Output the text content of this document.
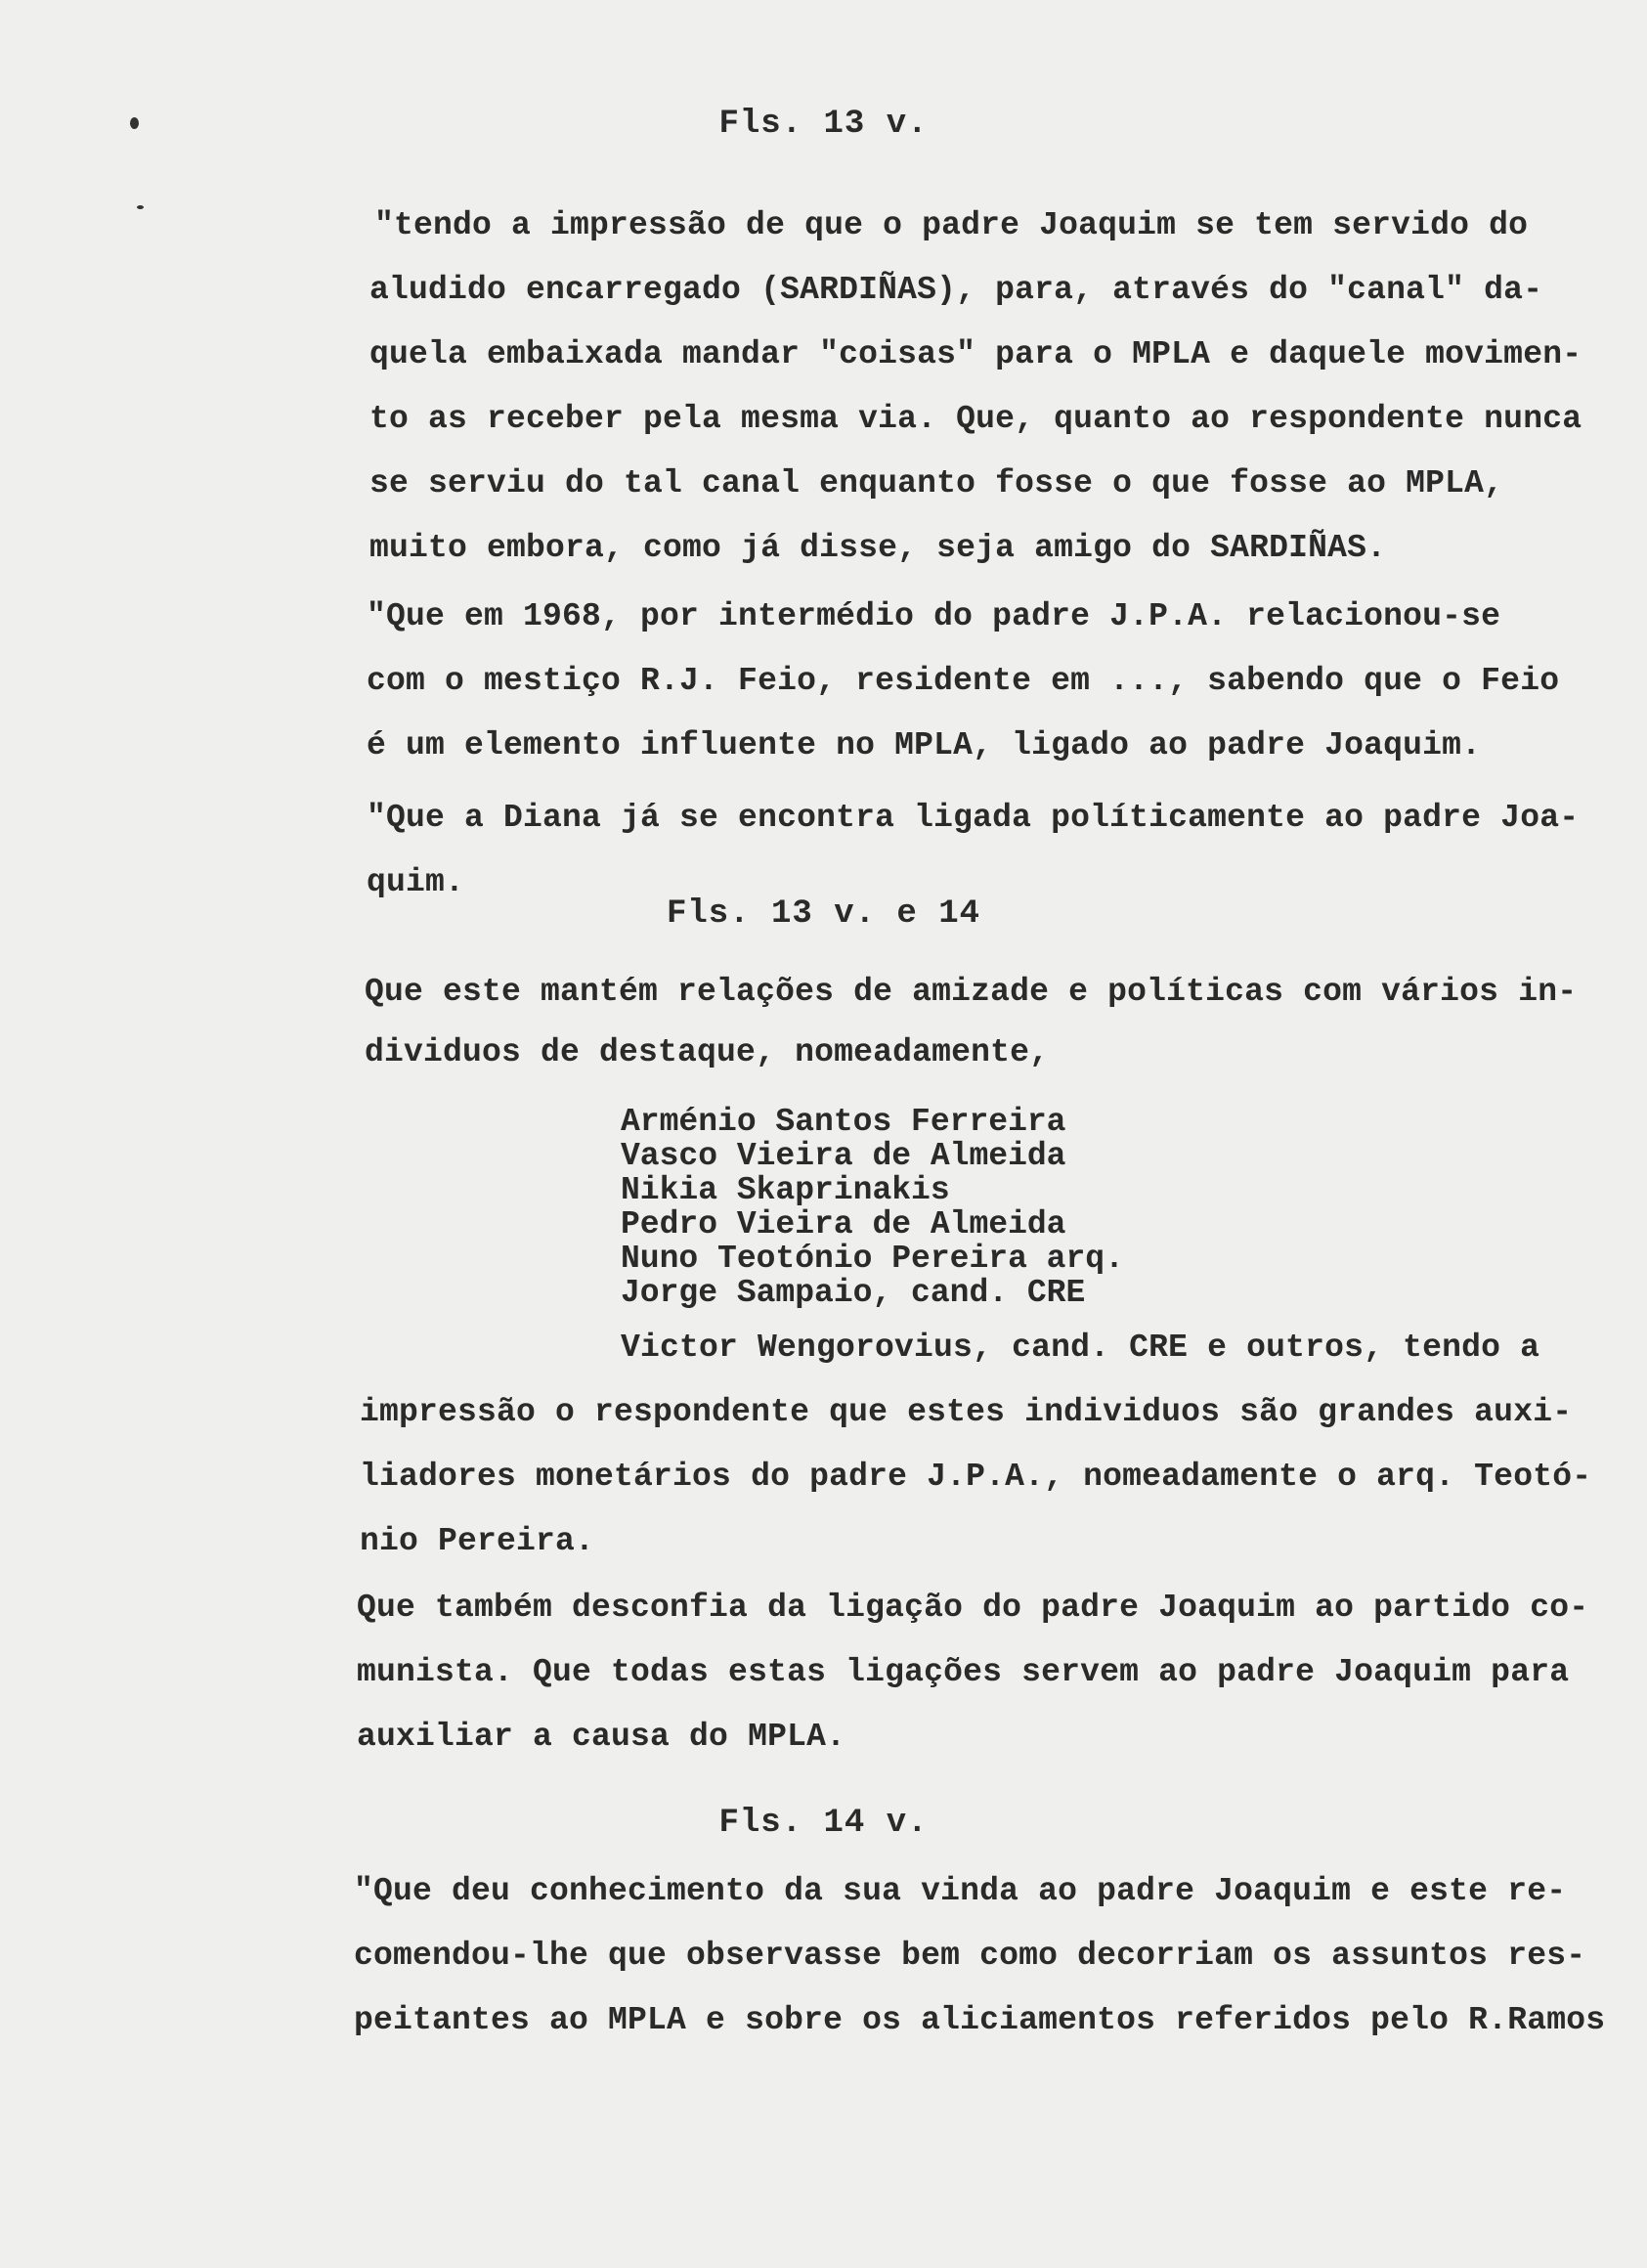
Fls. 13 v.
"tendo a impressão de que o padre Joaquim se tem servido do
aludido encarregado (SARDIÑAS), para, através do "canal" da-
quela embaixada mandar "coisas" para o MPLA e daquele movimen-
to as receber pela mesma via. Que, quanto ao respondente nunca
se serviu do tal canal enquanto fosse o que fosse ao MPLA,
muito embora, como já disse, seja amigo do SARDIÑAS.
"Que em 1968, por intermédio do padre J.P.A. relacionou-se
com o mestiço R.J. Feio, residente em ..., sabendo que o Feio
é um elemento influente no MPLA, ligado ao padre Joaquim.
"Que a Diana já se encontra ligada políticamente ao padre Joa-
quim.
Fls. 13 v. e 14
Que este mantém relações de amizade e políticas com vários in-
dividuos de destaque, nomeadamente,
Arménio Santos Ferreira
Vasco Vieira de Almeida
Nikia Skaprinakis
Pedro Vieira de Almeida
Nuno Teotónio Pereira arq.
Jorge Sampaio, cand. CRE
Victor Wengorovius, cand. CRE e outros, tendo a
impressão o respondente que estes individuos são grandes auxi-
liadores monetários do padre J.P.A., nomeadamente o arq. Teotó-
nio Pereira.
Que também desconfia da ligação do padre Joaquim ao partido co-
munista. Que todas estas ligações servem ao padre Joaquim para
auxiliar a causa do MPLA.
Fls. 14 v.
"Que deu conhecimento da sua vinda ao padre Joaquim e este re-
comendou-lhe que observasse bem como decorriam os assuntos res-
peitantes ao MPLA e sobre os aliciamentos referidos pelo R.Ramos
